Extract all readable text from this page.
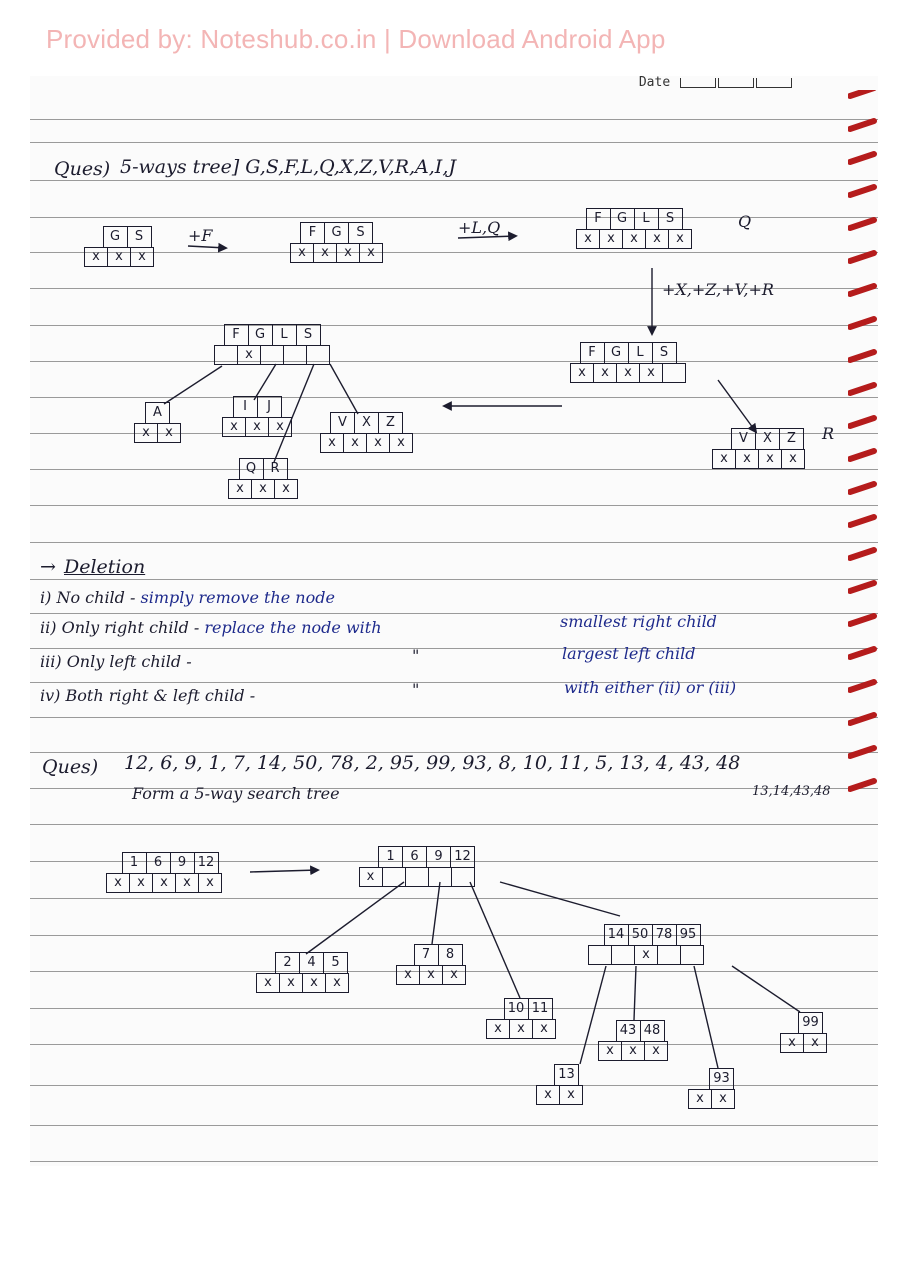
Provided by: Noteshub.co.in | Download Android App
Date
Ques) 5-ways tree] G,S,F,L,Q,X,Z,V,R,A,I,J
G	S
x	x	x
+F	F	G	S
x	x	x	x
+L,Q	F	G	L	S
x	x	x	x	x
Q
+X,+Z,+V,+R
F	G	L	S
x	x	x	x
V	X	Z
x	x	x	x
R
F	G	L	S
x
A
x	x
I	J
x	x	x	V	X	Z
x	x	x	x
Q	R
x	x	x
→ Deletion
i) No child - simply remove the node
ii) Only right child - replace the node with	smallest right child
iii) Only left child -	"	largest left child
iv) Both right & left child -	"	with either (ii) or (iii)
Ques) 12, 6, 9, 1, 7, 14, 50, 78, 2, 95, 99, 93, 8, 10, 11, 5, 13, 4, 43, 48
Form a 5-way search tree	13,14,43,48
1	6	9 12
x	x	x	x	x
1	6	9 12
x
2	4	5
x	x	x	x
7	8
x	x	x
10 11
x	x	x
14 50 78 95
x
13
x	x
43 48
x	x	x
93
x	x
99
x	x
